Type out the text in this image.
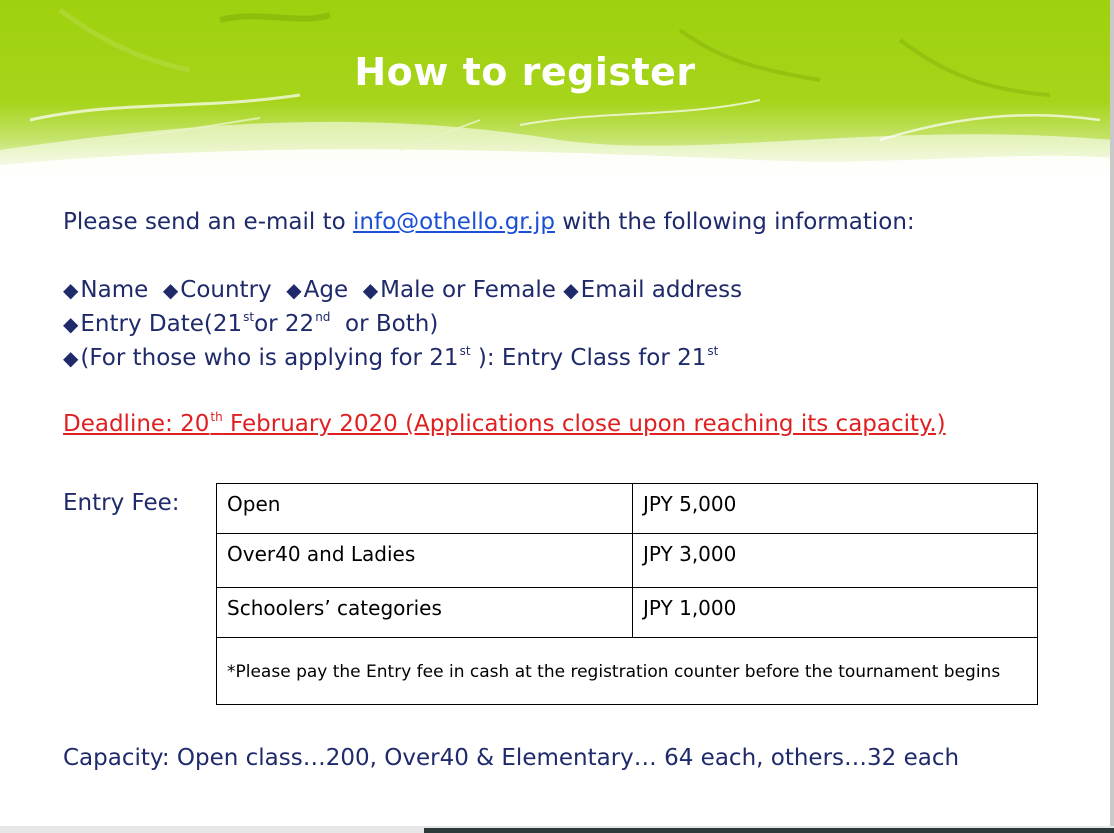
How to register
Please send an e-mail to info@othello.gr.jp with the following information:
◆Name ◆Country ◆Age ◆Male or Female ◆Email address
◆Entry Date(21stor 22nd  or Both)
◆(For those who is applying for 21st ): Entry Class for 21st
Deadline: 20th February 2020 (Applications close upon reaching its capacity.)
Entry Fee: Open	JPY 5,000
Over40 and Ladies	JPY 3,000
Schoolers’ categories	JPY 1,000
*Please pay the Entry fee in cash at the registration counter before the tournament begins	
Capacity: Open class…200, Over40 & Elementary… 64 each, others…32 each
